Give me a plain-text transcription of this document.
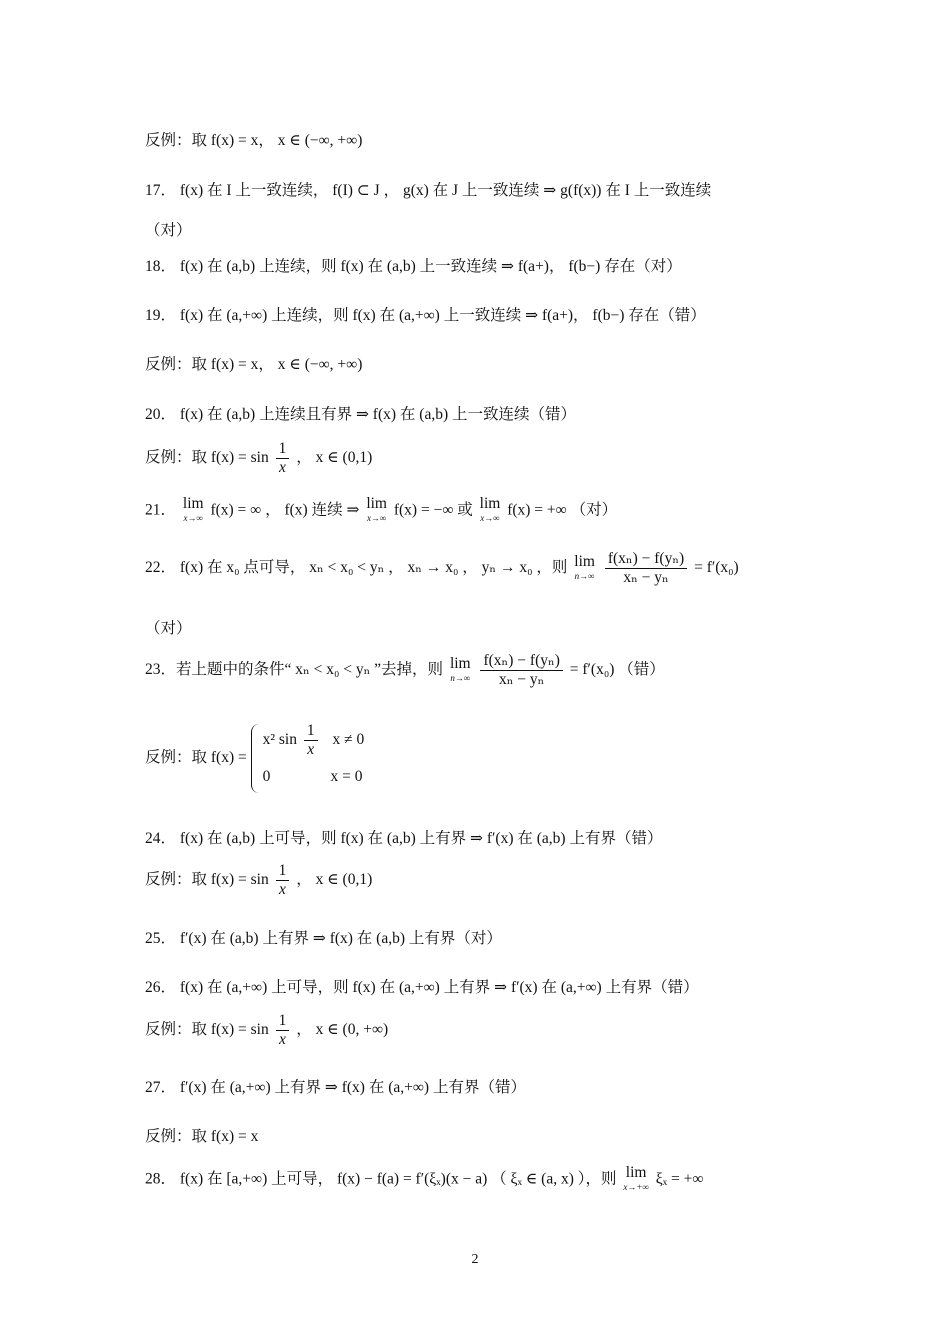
反例：取 f(x) = x， x ∈ (−∞, +∞)
17． f(x) 在 I 上一致连续， f(I) ⊂ J ， g(x) 在 J 上一致连续 ⇒ g(f(x)) 在 I 上一致连续
（对）
18． f(x) 在 (a,b) 上连续，则 f(x) 在 (a,b) 上一致连续 ⇒ f(a+)， f(b−) 存在（对）
19． f(x) 在 (a,+∞) 上连续，则 f(x) 在 (a,+∞) 上一致连续 ⇒ f(a+)， f(b−) 存在（错）
反例：取 f(x) = x， x ∈ (−∞, +∞)
20． f(x) 在 (a,b) 上连续且有界 ⇒ f(x) 在 (a,b) 上一致连续（错）
反例：取 $f(x) = \sin \frac{1}{x}$ ， x ∈ (0,1)
21． lim
x→∞ f(x) = ∞ ， f(x) 连续 ⇒ lim
x→∞ f(x) = −∞ 或 lim
x→∞ f(x) = +∞ （对）
22． f(x) 在 x₀ 点可导， xₙ < x₀ < yₙ ， xₙ → x₀ ， yₙ → x₀ ，则 lim
n→∞
$\frac{\text{f(xₙ) − f(yₙ)}}{\text{xₙ − yₙ}} = f'(x_0)$
（对）
23．若上题中的条件“ xₙ < x₀ < yₙ ”去掉，则 lim
n→∞
$\frac{\text{f(xₙ) − f(yₙ)}}{\text{xₙ − yₙ}} = f'(x_0)$ （错）
反例：取 f(x) =
x² $\sin \frac{1}{x}$ x ≠ 0
0	x = 0
24． f(x) 在 (a,b) 上可导，则 f(x) 在 (a,b) 上有界 ⇒ f′(x) 在 (a,b) 上有界（错）
反例：取 $f(x) = \sin \frac{1}{x}$ ， x ∈ (0,1)
25． f′(x) 在 (a,b) 上有界 ⇒ f(x) 在 (a,b) 上有界（对）
26． f(x) 在 (a,+∞) 上可导，则 f(x) 在 (a,+∞) 上有界 ⇒ f′(x) 在 (a,+∞) 上有界（错）
反例：取 $f(x) = \sin \frac{1}{x}$ ， x ∈ (0, +∞)
27． f′(x) 在 (a,+∞) 上有界 ⇒ f(x) 在 (a,+∞) 上有界（错）
反例：取 f(x) = x
28． f(x) 在 [a,+∞) 上可导， f(x) − f(a) = f′(ξₓ)(x − a) （ ξₓ ∈ (a, x) ），则 lim
x→+∞ ξₓ = +∞
2
